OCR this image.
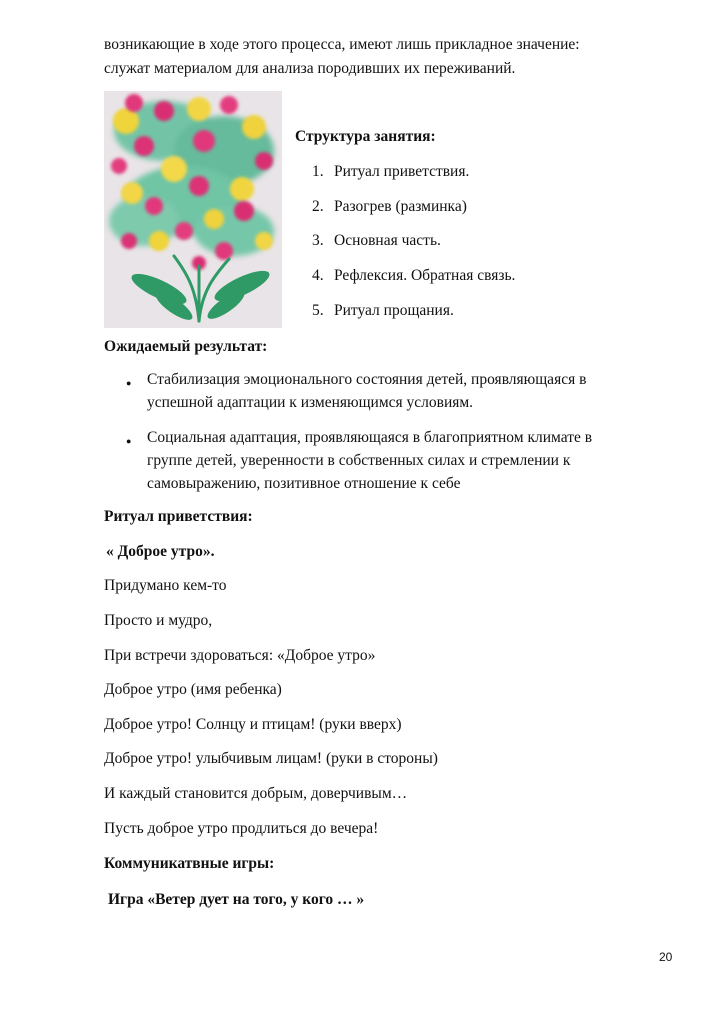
возникающие в ходе этого процесса, имеют лишь прикладное значение:
служат материалом для анализа породивших их переживаний.
Структура занятия:
1. Ритуал приветствия.
2. Разогрев (разминка)
3. Основная часть.
4. Рефлексия. Обратная связь.
5. Ритуал прощания.
Ожидаемый результат:
● Стабилизация эмоционального состояния детей, проявляющаяся в
успешной адаптации к изменяющимся условиям.
● Социальная адаптация, проявляющаяся в благоприятном климате в
группе детей, уверенности в собственных силах и стремлении к
самовыражению, позитивное отношение к себе
Ритуал приветствия:
« Доброе утро».
Придумано кем-то
Просто и мудро,
При встречи здороваться: «Доброе утро»
Доброе утро (имя ребенка)
Доброе утро! Солнцу и птицам! (руки вверх)
Доброе утро! улыбчивым лицам! (руки в стороны)
И каждый становится добрым, доверчивым…
Пусть доброе утро продлиться до вечера!
Коммуникатвные игры:
Игра «Ветер дует на того, у кого … »
20
